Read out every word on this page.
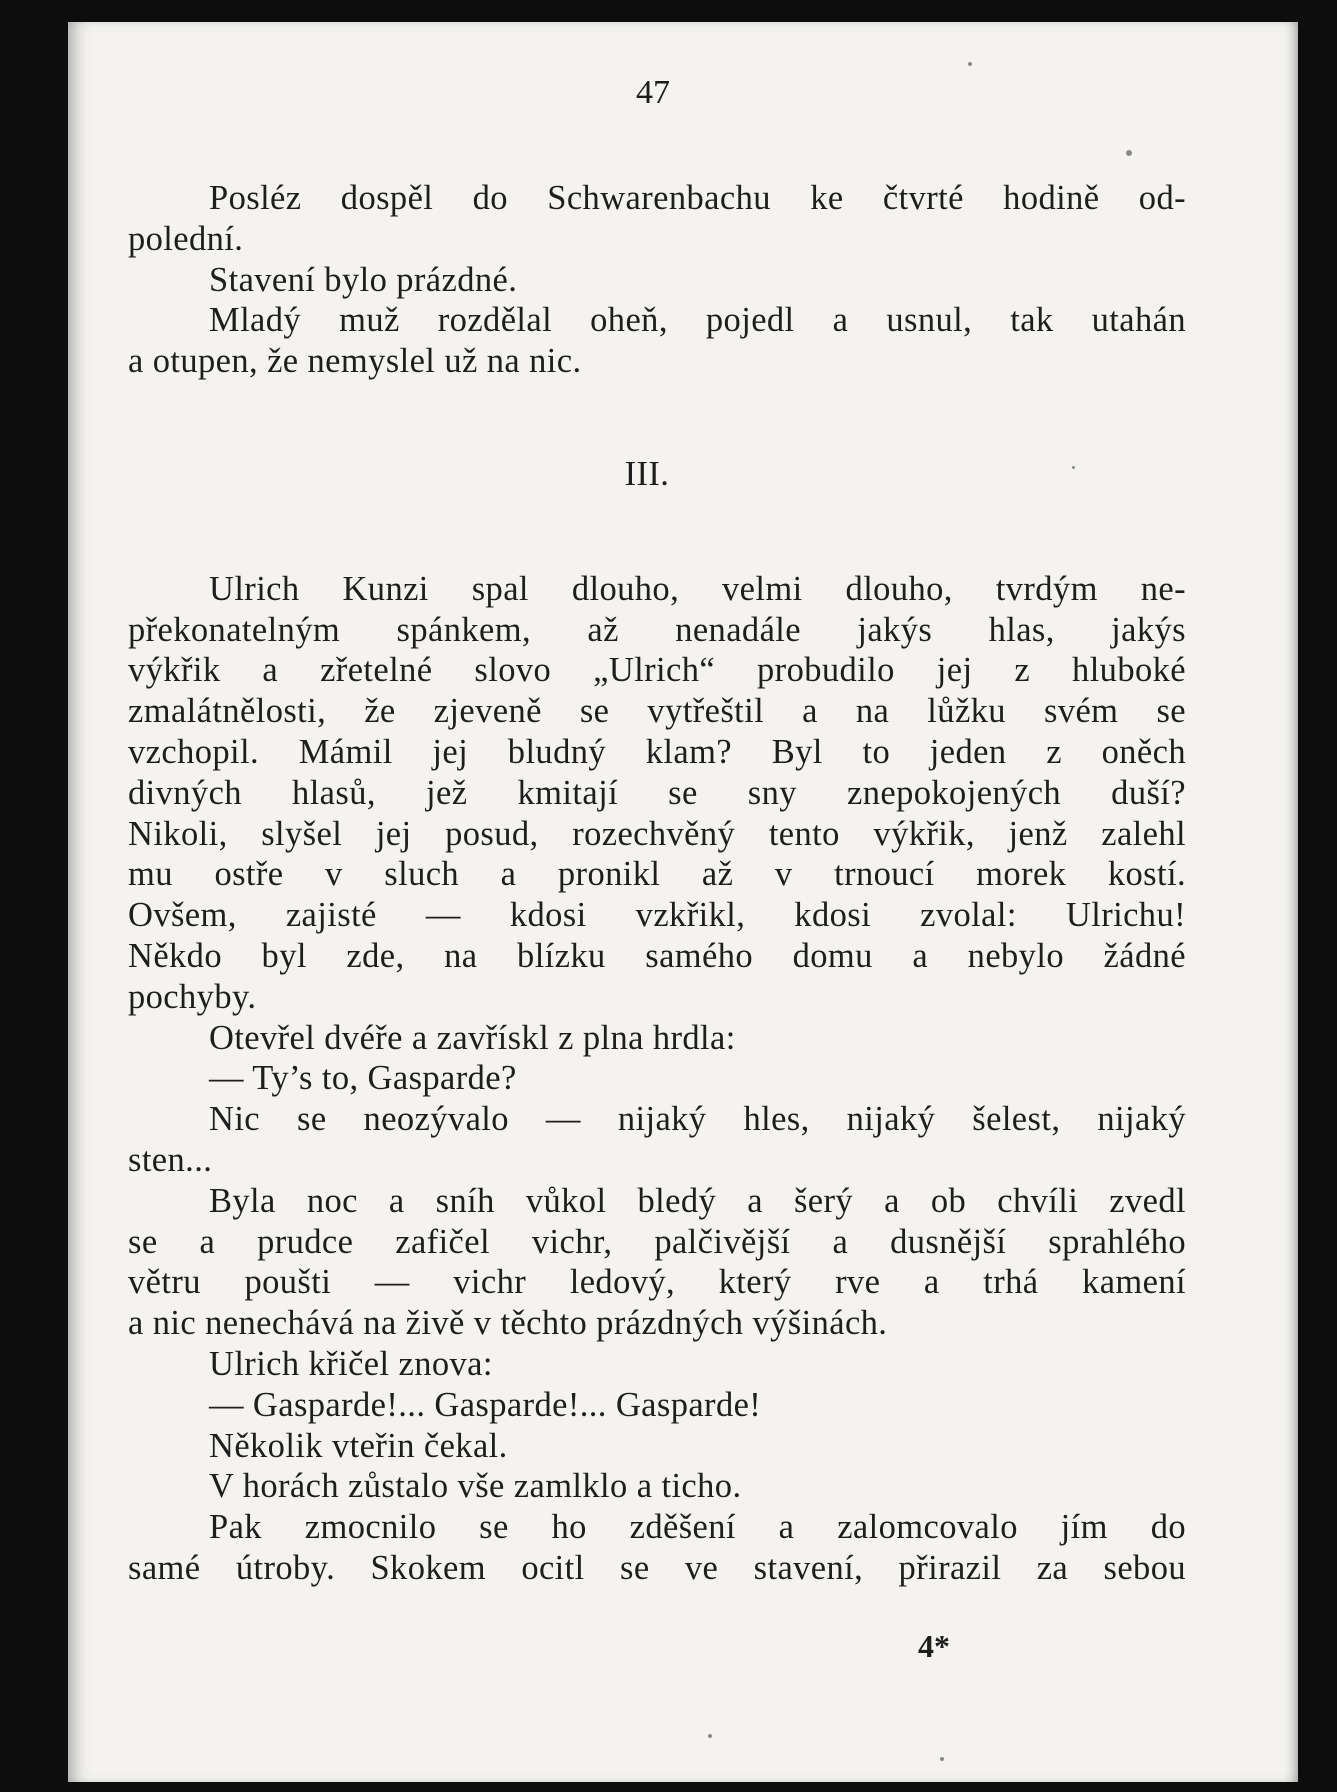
47
Posléz dospěl do Schwarenbachu ke čtvrté hodině od-
polední.
Stavení bylo prázdné.
Mladý muž rozdělal oheň, pojedl a usnul, tak utahán
a otupen, že nemyslel už na nic.
III.
Ulrich Kunzi spal dlouho, velmi dlouho, tvrdým ne-
překonatelným spánkem, až nenadále jakýs hlas, jakýs
výkřik a zřetelné slovo „Ulrich“ probudilo jej z hluboké
zmalátnělosti, že zjeveně se vytřeštil a na lůžku svém se
vzchopil. Mámil jej bludný klam? Byl to jeden z oněch
divných hlasů, jež kmitají se sny znepokojených duší?
Nikoli, slyšel jej posud, rozechvěný tento výkřik, jenž zalehl
mu ostře v sluch a pronikl až v trnoucí morek kostí.
Ovšem, zajisté — kdosi vzkřikl, kdosi zvolal: Ulrichu!
Někdo byl zde, na blízku samého domu a nebylo žádné
pochyby.
Otevřel dvéře a zavřískl z plna hrdla:
— Ty’s to, Gasparde?
Nic se neozývalo — nijaký hles, nijaký šelest, nijaký
sten...
Byla noc a sníh vůkol bledý a šerý a ob chvíli zvedl
se a prudce zafičel vichr, palčivější a dusnější sprahlého
větru poušti — vichr ledový, který rve a trhá kamení
a nic nenechává na živě v těchto prázdných výšinách.
Ulrich křičel znova:
— Gasparde!... Gasparde!... Gasparde!
Několik vteřin čekal.
V horách zůstalo vše zamlklo a ticho.
Pak zmocnilo se ho zděšení a zalomcovalo jím do
samé útroby. Skokem ocitl se ve stavení, přirazil za sebou
4*
